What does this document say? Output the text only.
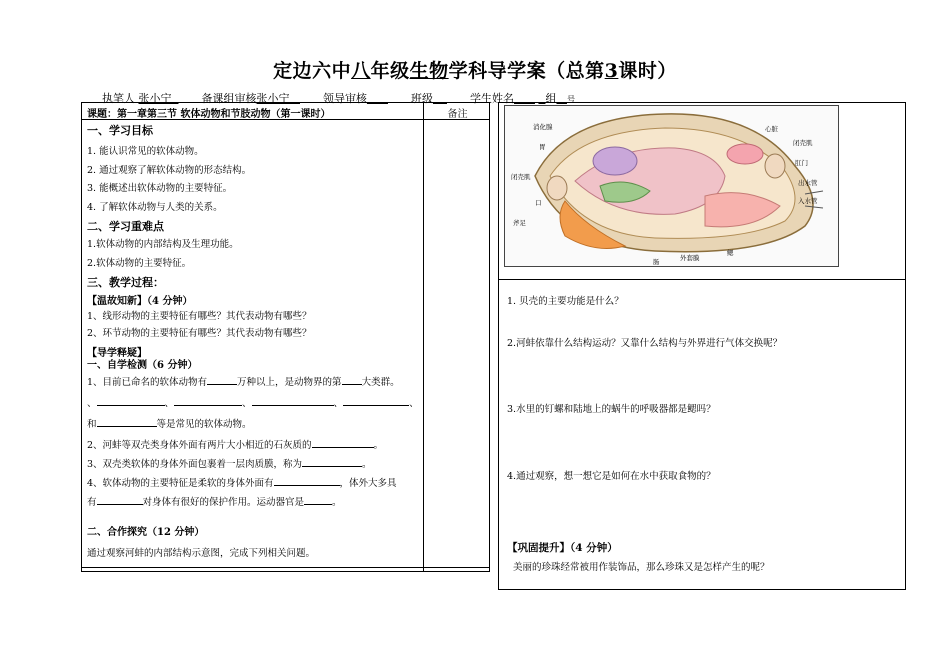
定边六中八年级生物学科导学案（总第3课时）
执笔人 张小宁	备课组审核张小宁	领导审核	班级	学生姓名	组 号
课题：第一章第三节 软体动物和节肢动物（第一课时）	备注
一、学习目标
1. 能认识常见的软体动物。
2. 通过观察了解软体动物的形态结构。
3. 能概述出软体动物的主要特征。
4. 了解软体动物与人类的关系。
二、学习重难点
1.软体动物的内部结构及生理功能。
2.软体动物的主要特征。
三、教学过程：
【温故知新】（4 分钟）
1、线形动物的主要特征有哪些？其代表动物有哪些？
2、环节动物的主要特征有哪些？其代表动物有哪些？
【导学释疑】
一、自学检测（6 分钟）
1、目前已命名的软体动物有	万种以上，是动物界的第 大类群。
、	、	、	、	、
和	等是常见的软体动物。
2、河蚌等双壳类身体外面有两片大小相近的石灰质的	。
3、双壳类软体的身体外面包裹着一层肉质膜，称为	。
4、软体动物的主要特征是柔软的身体外面有	，体外大多具
有	对身体有很好的保护作用。运动器官是	。
二、合作探究（12 分钟）
通过观察河蚌的内部结构示意图，完成下列相关问题。
消化腺	心脏
胃	闭壳肌
肛门
出水管
入水管
闭壳肌
口
斧足
鳃
外套膜
肠
1. 贝壳的主要功能是什么？
2.河蚌依靠什么结构运动？又靠什么结构与外界进行气体交换呢？
3.水里的钉螺和陆地上的蜗牛的呼吸器都是鳃吗？
4.通过观察，想一想它是如何在水中获取食物的？
【巩固提升】（4 分钟）
美丽的珍珠经常被用作装饰品，那么珍珠又是怎样产生的呢？
